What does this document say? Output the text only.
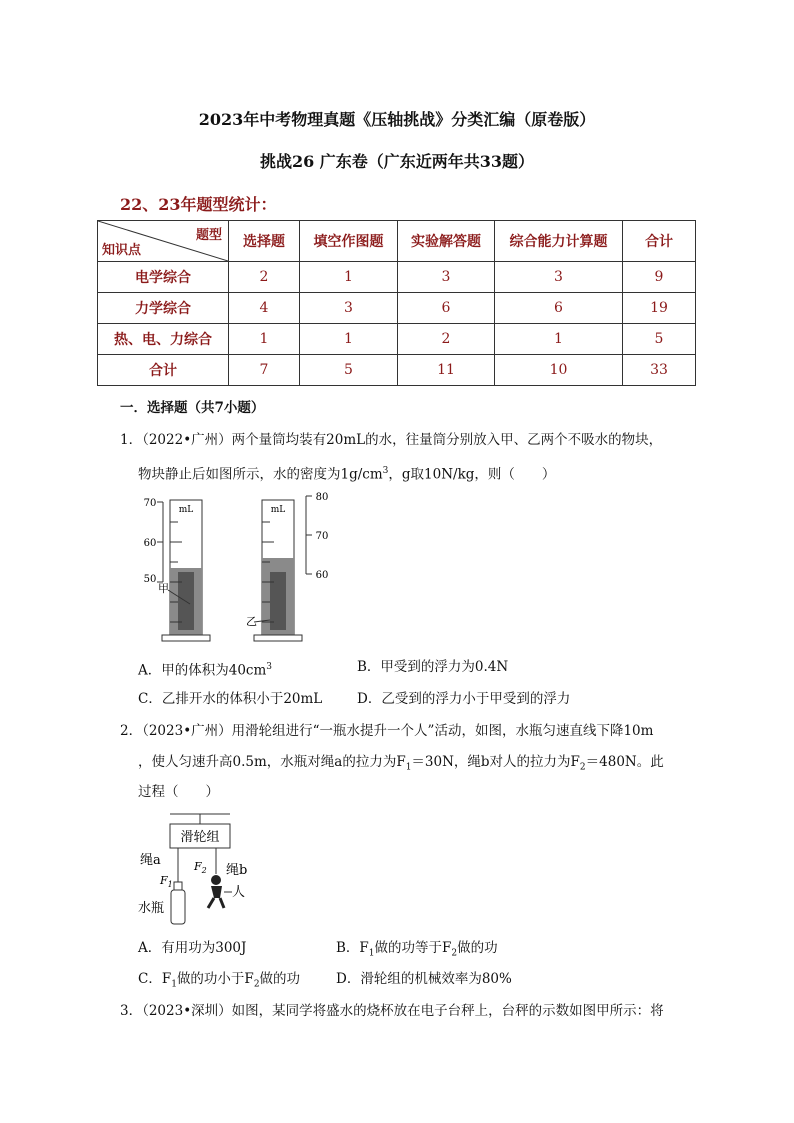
2023年中考物理真题《压轴挑战》分类汇编（原卷版）
挑战26 广东卷（广东近两年共33题）
22、23年题型统计：
题型
知识点	选择题	填空作图题	实验解答题	综合能力计算题	合计
电学综合	2	1	3	3	9
力学综合	4	3	6	6	19
热、电、力综合	1	1	2	1	5
合计	7	5	11	10	33
一．选择题（共7小题）
1．（2022•广州）两个量筒均装有20mL的水，往量筒分别放入甲、乙两个不吸水的物块，
物块静止后如图所示，水的密度为$1g/cm^3$，g取10N/kg，则（　　）
70
60
50
mL
甲
mL
乙
80
70
60
A．甲的体积为$40cm^3$	B．甲受到的浮力为0.4N
C．乙排开水的体积小于20mL	D．乙受到的浮力小于甲受到的浮力
2．（2023•广州）用滑轮组进行“一瓶水提升一个人”活动，如图，水瓶匀速直线下降10m
，使人匀速升高0.5m，水瓶对绳a的拉力为$F_1=30N$，绳b对人的拉力为$F_2=480N$。此
过程（　　）
滑轮组
绳a
绳b
$F_1$
$F_2$
水瓶
人
A．有用功为300J	B．$F_1$做的功等于$F_2$做的功
C．$F_1$做的功小于$F_2$做的功	D．滑轮组的机械效率为80%
3．（2023•深圳）如图，某同学将盛水的烧杯放在电子台秤上，台秤的示数如图甲所示：将
